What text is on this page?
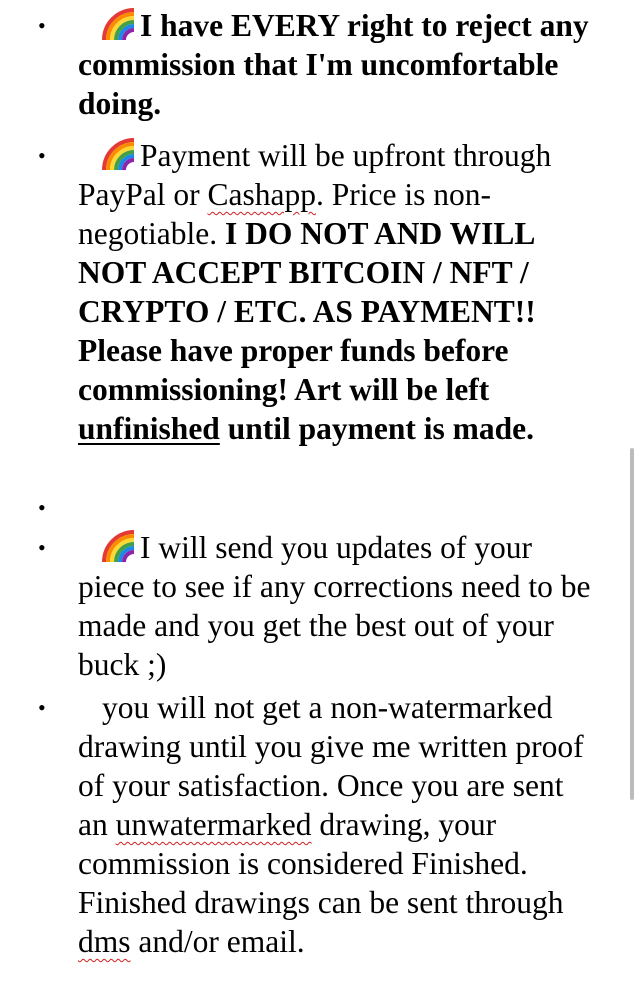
•	I have EVERY right to reject any commission that I'm uncomfortable doing.
•	Payment will be upfront through PayPal or Cashapp. Price is non-negotiable. I DO NOT AND WILL NOT ACCEPT BITCOIN / NFT / CRYPTO / ETC. AS PAYMENT!! Please have proper funds before commissioning! Art will be left unfinished until payment is made.
•
•	I will send you updates of your piece to see if any corrections need to be made and you get the best out of your buck ;)
• you will not get a non-watermarked drawing until you give me written proof of your satisfaction. Once you are sent an unwatermarked drawing, your commission is considered Finished. Finished drawings can be sent through dms and/or email.
